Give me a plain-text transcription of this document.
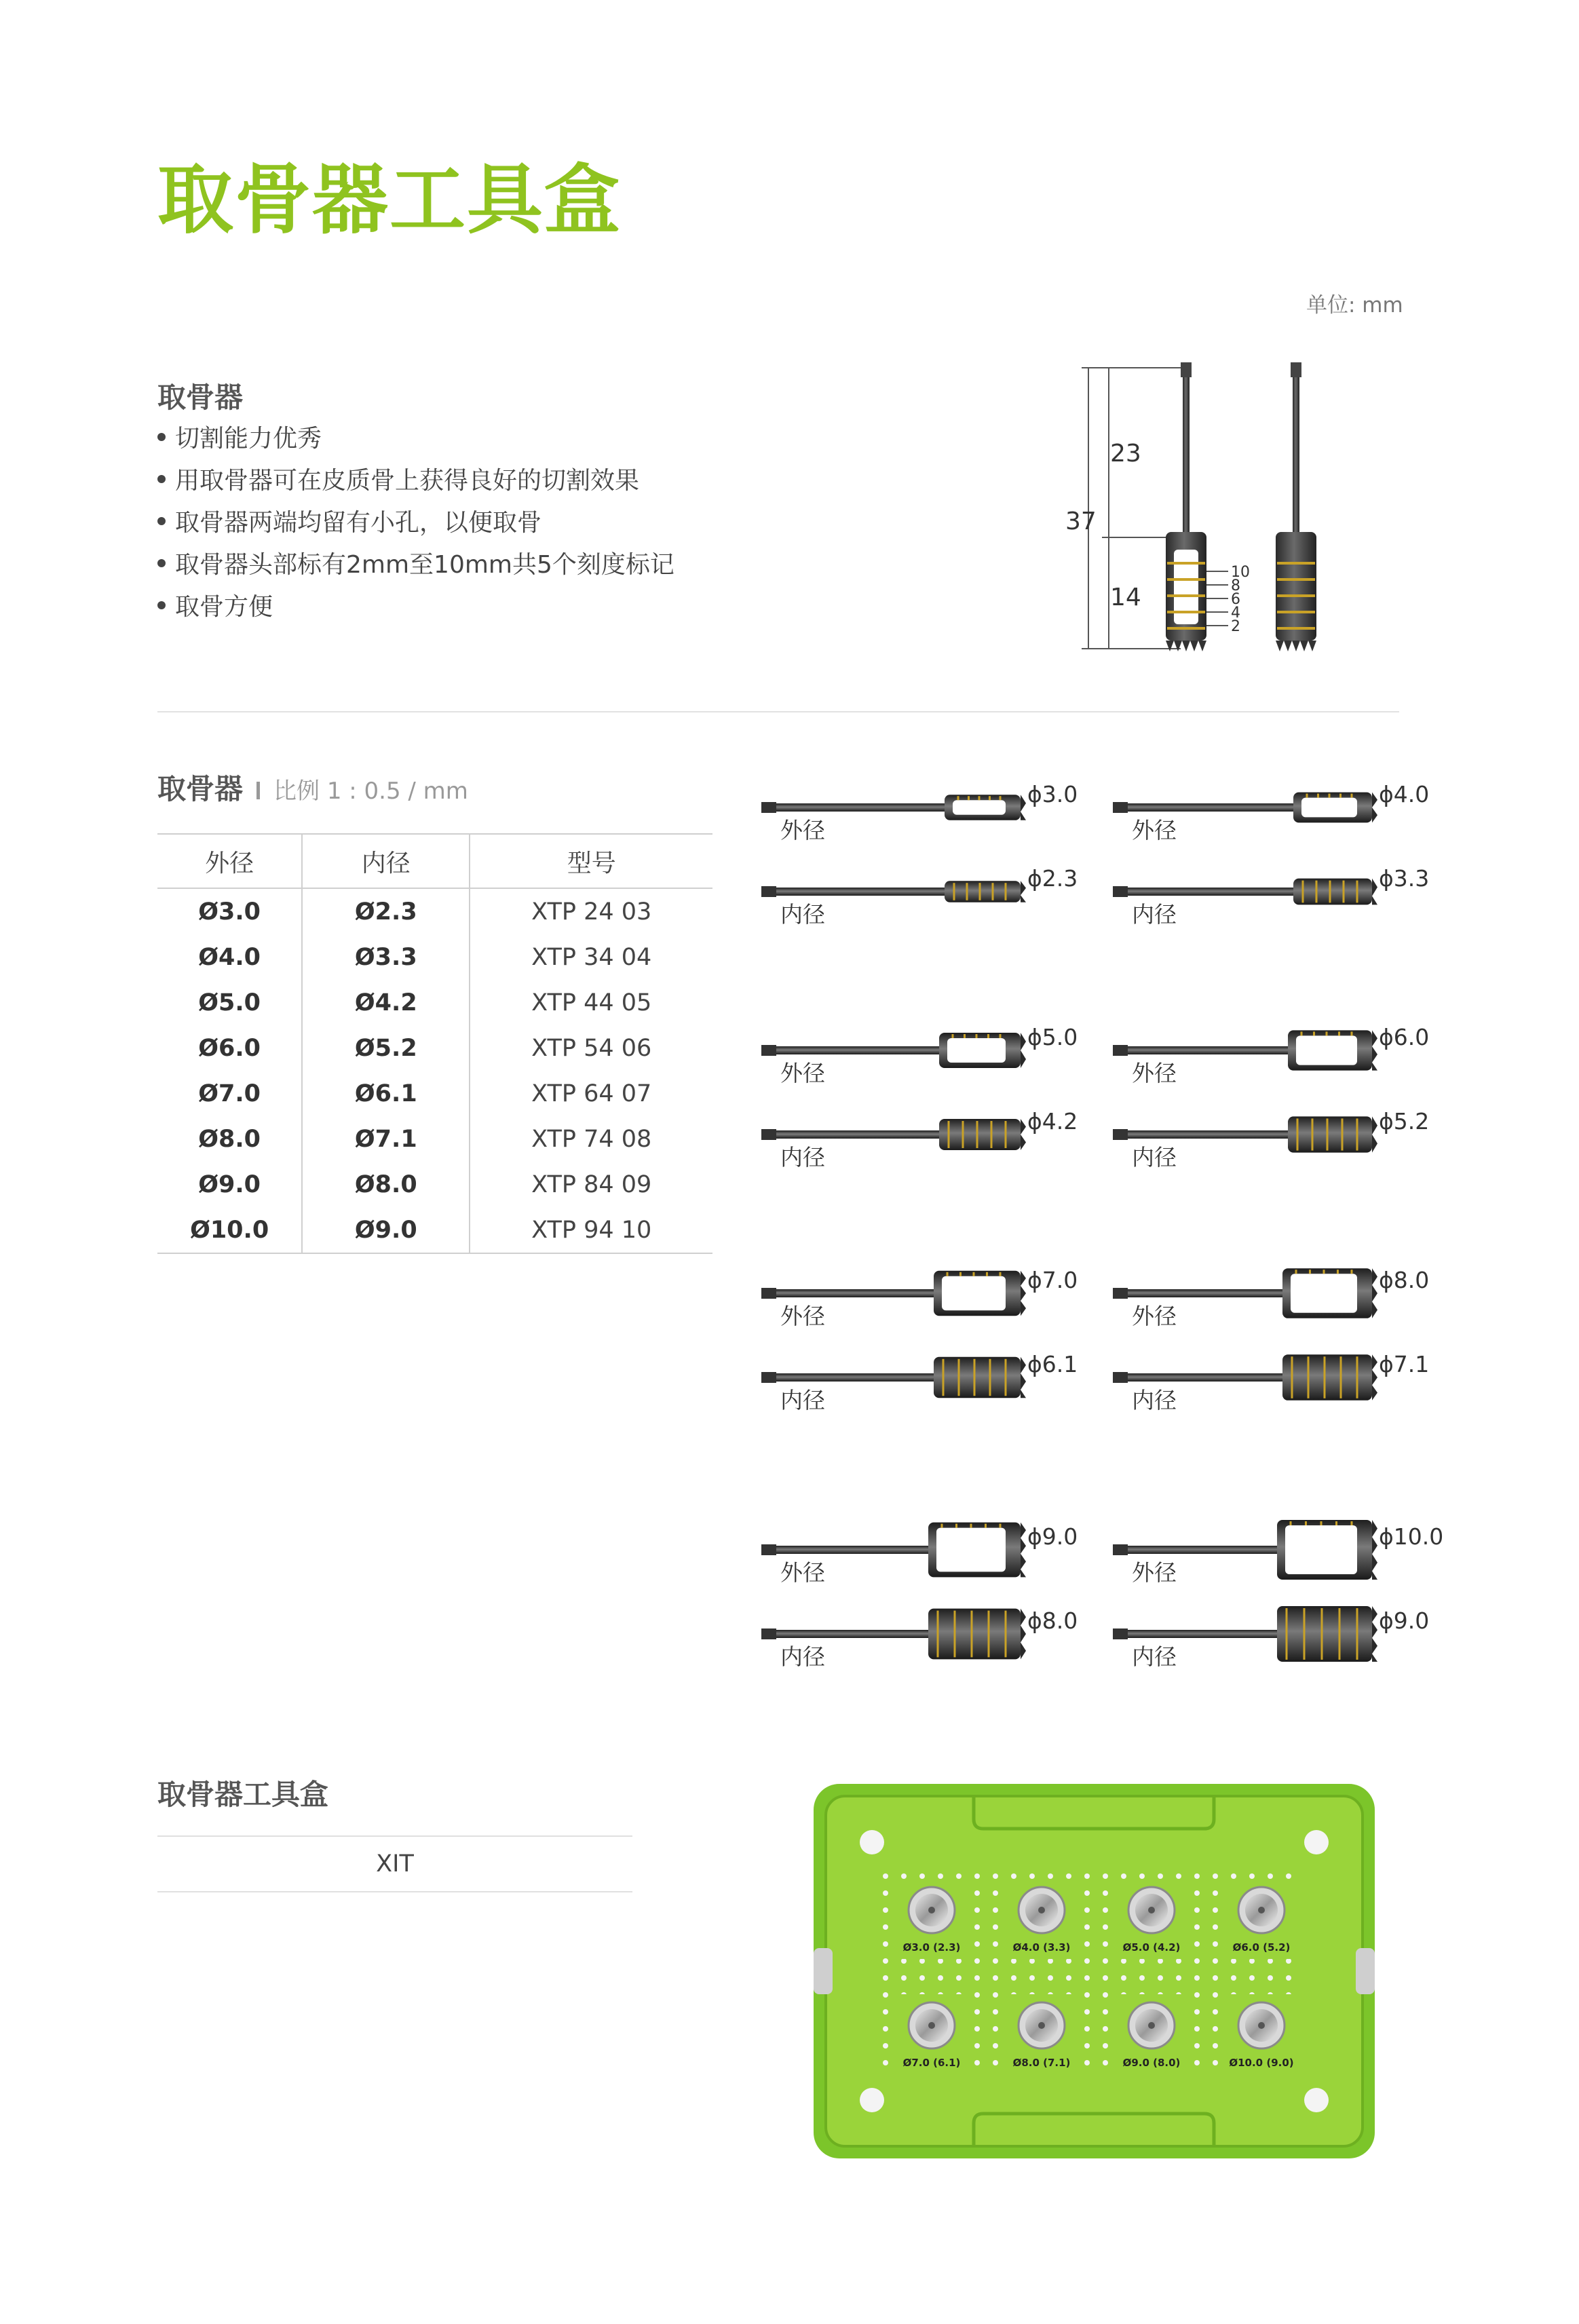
取骨器工具盒
单位: mm
取骨器
切割能力优秀
用取骨器可在皮质骨上获得良好的切割效果
取骨器两端均留有小孔，以便取骨
取骨器头部标有2mm至10mm共5个刻度标记
取骨方便
37
23
14
10
8
6
4
2
取骨器 比例 1 : 0.5 / mm
外径	内径	型号
Ø3.0	Ø2.3	XTP 24 03
Ø4.0	Ø3.3	XTP 34 04
Ø5.0	Ø4.2	XTP 44 05
Ø6.0	Ø5.2	XTP 54 06
Ø7.0	Ø6.1	XTP 64 07
Ø8.0	Ø7.1	XTP 74 08
Ø9.0	Ø8.0	XTP 84 09
Ø10.0	Ø9.0	XTP 94 10
ϕ3.0
外径
ϕ2.3
内径
ϕ4.0
外径
ϕ3.3
内径
ϕ5.0
外径
ϕ4.2
内径
ϕ6.0
外径
ϕ5.2
内径
ϕ7.0
外径
ϕ6.1
内径
ϕ8.0
外径
ϕ7.1
内径
ϕ9.0
外径
ϕ8.0
内径
ϕ10.0
外径
ϕ9.0
内径
取骨器工具盒
XIT
Ø3.0 (2.3)	Ø4.0 (3.3)	Ø5.0 (4.2)	Ø6.0 (5.2)
Ø7.0 (6.1)	Ø8.0 (7.1)	Ø9.0 (8.0)	Ø10.0 (9.0)
